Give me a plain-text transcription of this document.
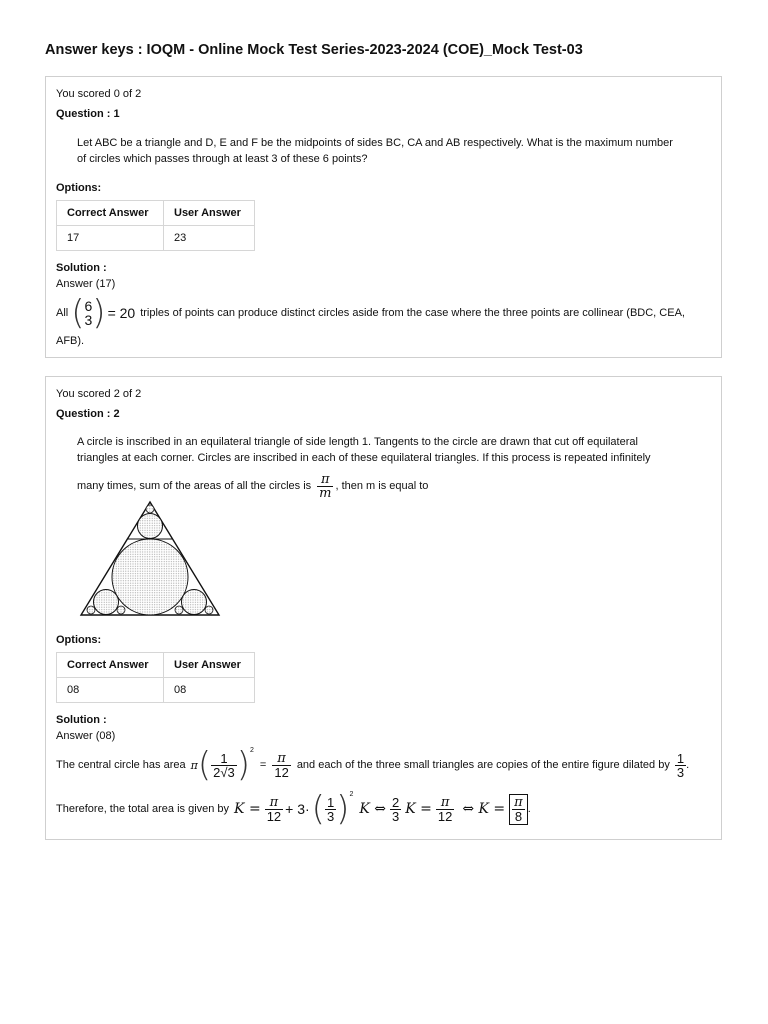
Answer keys : IOQM - Online Mock Test Series-2023-2024 (COE)_Mock Test-03
You scored 0 of 2
Question : 1
Let ABC be a triangle and D, E and F be the midpoints of sides BC, CA and AB respectively. What is the maximum number
of circles which passes through at least 3 of these 6 points?
Options:
Correct Answer	User Answer
17	23
Solution :
Answer (17)
All ( 6
3 ) = 20 triples of points can produce distinct circles aside from the case where the three points are collinear (BDC, CEA,
AFB).
You scored 2 of 2
Question : 2
A circle is inscribed in an equilateral triangle of side length 1. Tangents to the circle are drawn that cut off equilateral
triangles at each corner. Circles are inscribed in each of these equilateral triangles. If this process is repeated infinitely
many times, sum of the areas of all the circles is $\frac{\pi}{m}$ , then m is equal to
Options:
Correct Answer	User Answer
08	08
Solution :
Answer (08)
The central circle has area π ( $\frac{1}{2√3} )^2$
= $\frac{\pi}{12}$ and each of the three small triangles are copies of the entire figure dilated by $\frac{1}{3}$ .
Therefore, the total area is given by $K = \frac{\pi}{12} + 3\cdot$ ( $\frac{1}{3} )^2$
K ⇔ $\frac{2}{3}$ $K = \frac{\pi}{12}$ ⇔ $K = \frac{\pi}{8}$ .
